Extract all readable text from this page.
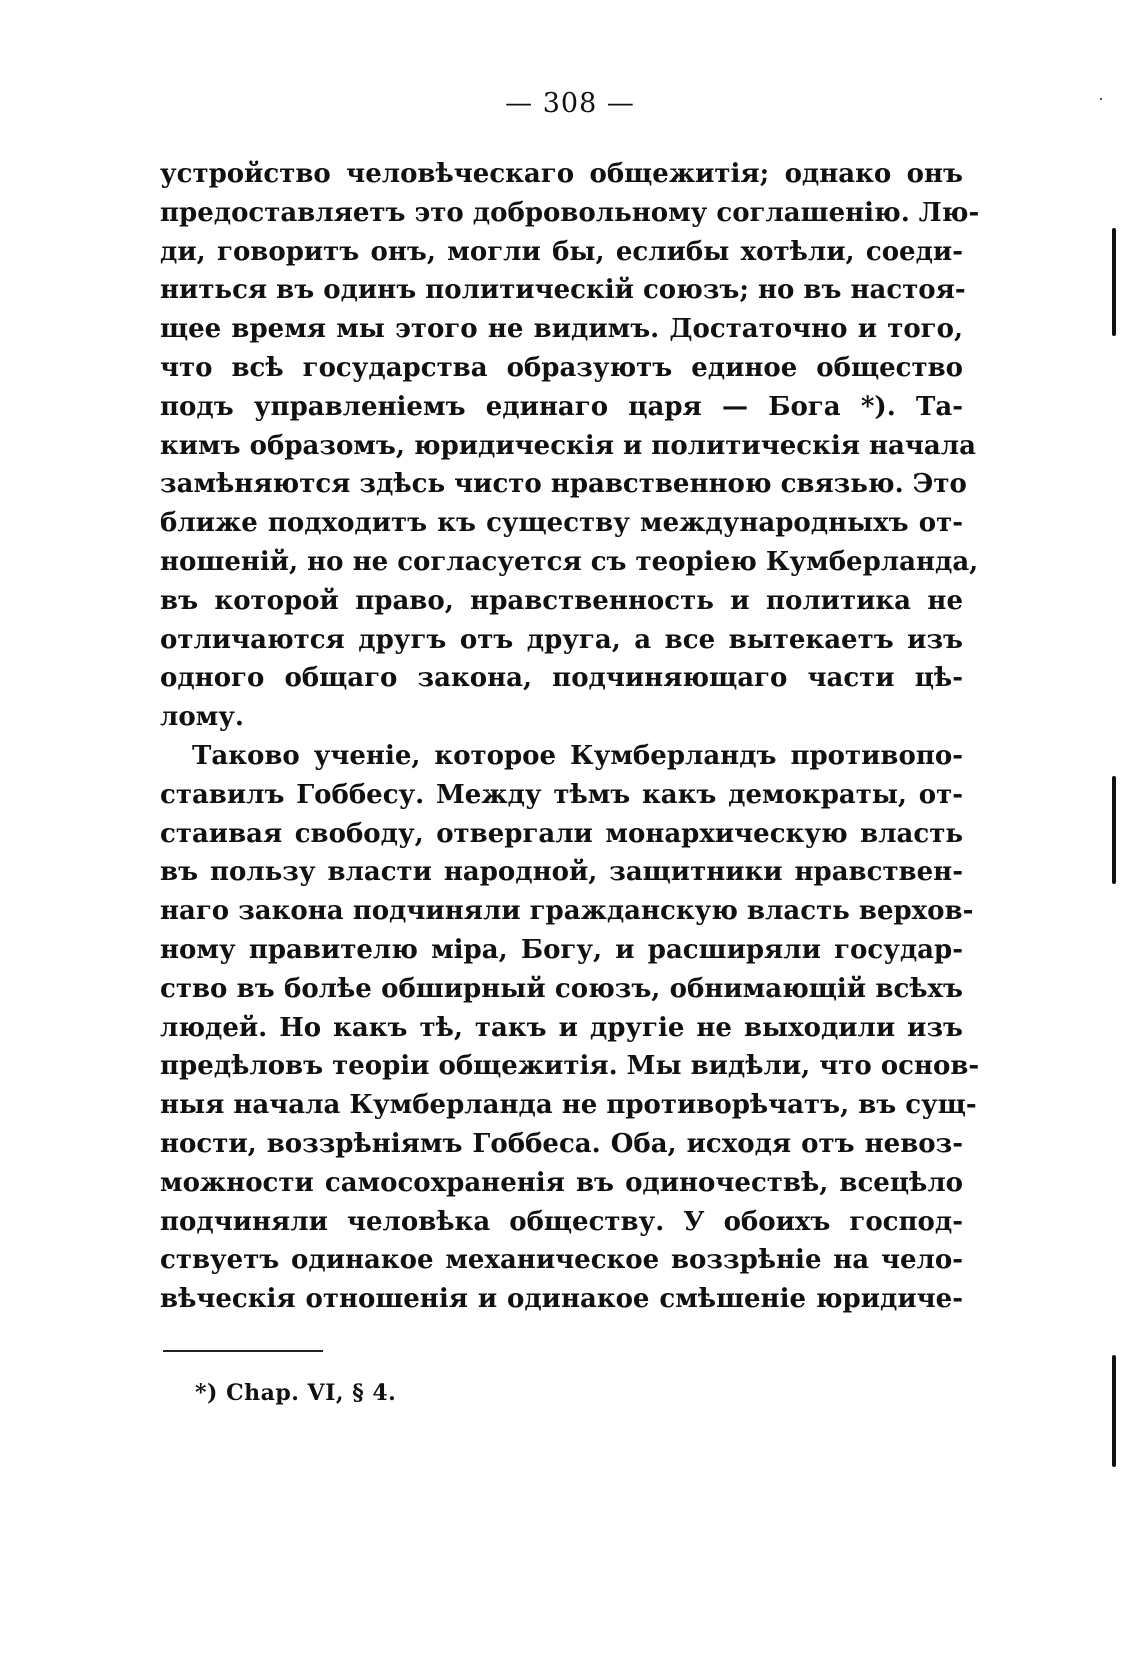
— 308 —
устройство человѣческаго общежитія; однако онъ
предоставляетъ это добровольному соглашенію. Лю-
ди, говоритъ онъ, могли бы, еслибы хотѣли, соеди-
ниться въ одинъ политическій союзъ; но въ настоя-
щее время мы этого не видимъ. Достаточно и того,
что всѣ государства образуютъ единое общество
подъ управленіемъ единаго царя — Бога *). Та-
кимъ образомъ, юридическія и политическія начала
замѣняются здѣсь чисто нравственною связью. Это
ближе подходитъ къ существу международныхъ от-
ношеній, но не согласуется съ теоріею Кумберланда,
въ которой право, нравственность и политика не
отличаются другъ отъ друга, а все вытекаетъ изъ
одного общаго закона, подчиняющаго части цѣ-
лому.
Таково ученіе, которое Кумберландъ противопо-
ставилъ Гоббесу. Между тѣмъ какъ демократы, от-
стаивая свободу, отвергали монархическую власть
въ пользу власти народной, защитники нравствен-
наго закона подчиняли гражданскую власть верхов-
ному правителю міра, Богу, и расширяли государ-
ство въ болѣе обширный союзъ, обнимающій всѣхъ
людей. Но какъ тѣ, такъ и другіе не выходили изъ
предѣловъ теоріи общежитія. Мы видѣли, что основ-
ныя начала Кумберланда не противорѣчатъ, въ сущ-
ности, воззрѣніямъ Гоббеса. Оба, исходя отъ невоз-
можности самосохраненія въ одиночествѣ, всецѣло
подчиняли человѣка обществу. У обоихъ господ-
ствуетъ одинакое механическое воззрѣніе на чело-
вѣческія отношенія и одинакое смѣшеніе юридиче-
*) Chap. VI, § 4.
